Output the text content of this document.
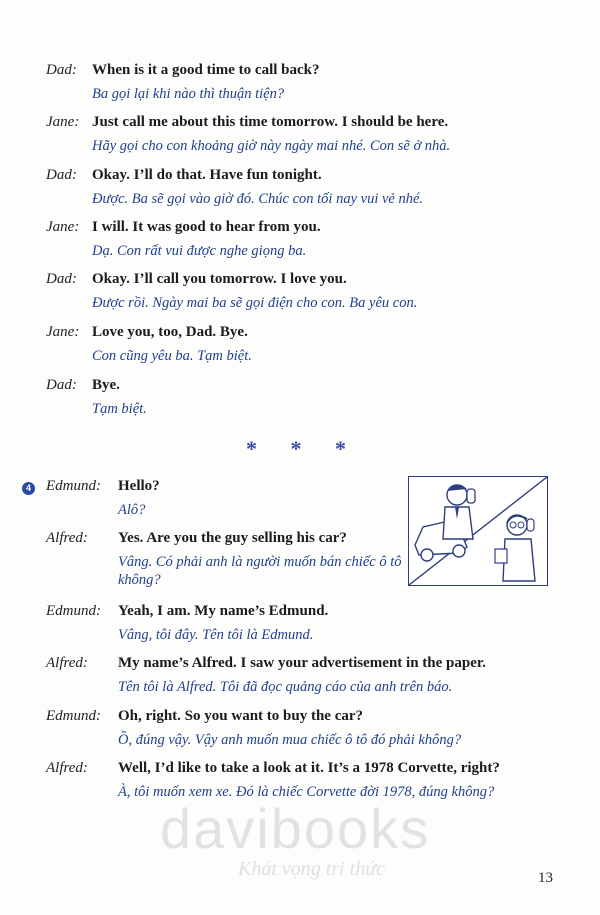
Dad: When is it a good time to call back?
Ba gọi lại khi nào thì thuận tiện?
Jane: Just call me about this time tomorrow. I should be here.
Hãy gọi cho con khoảng giờ này ngày mai nhé. Con sẽ ở nhà.
Dad: Okay. I’ll do that. Have fun tonight.
Được. Ba sẽ gọi vào giờ đó. Chúc con tối nay vui vẻ nhé.
Jane: I will. It was good to hear from you.
Dạ. Con rất vui được nghe giọng ba.
Dad: Okay. I’ll call you tomorrow. I love you.
Được rồi. Ngày mai ba sẽ gọi điện cho con. Ba yêu con.
Jane: Love you, too, Dad. Bye.
Con cũng yêu ba. Tạm biệt.
Dad: Bye.
Tạm biệt.
* * *
4 Edmund: Hello?
Alô?
Alfred: Yes. Are you the guy selling his car?
Vâng. Có phải anh là người muốn bán chiếc ô tô
không?
Edmund: Yeah, I am. My name’s Edmund.
Vâng, tôi đây. Tên tôi là Edmund.
Alfred: My name’s Alfred. I saw your advertisement in the paper.
Tên tôi là Alfred. Tôi đã đọc quảng cáo của anh trên báo.
Edmund: Oh, right. So you want to buy the car?
Ồ, đúng vậy. Vậy anh muốn mua chiếc ô tô đó phải không?
Alfred: Well, I’d like to take a look at it. It’s a 1978 Corvette, right?
À, tôi muốn xem xe. Đó là chiếc Corvette đời 1978, đúng không?
davibooks
Khát vọng tri thức	13
